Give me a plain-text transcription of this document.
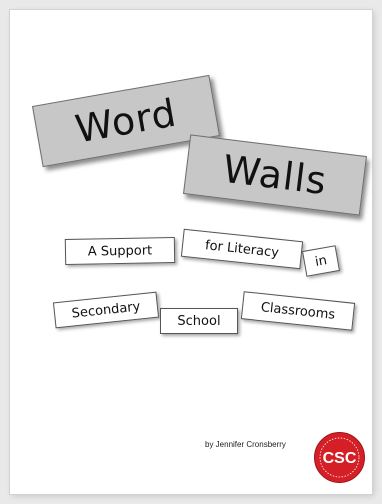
Word
Walls
A Support	for Literacy
in
Secondary	School	Classrooms
by Jennifer Cronsberry
CSC
